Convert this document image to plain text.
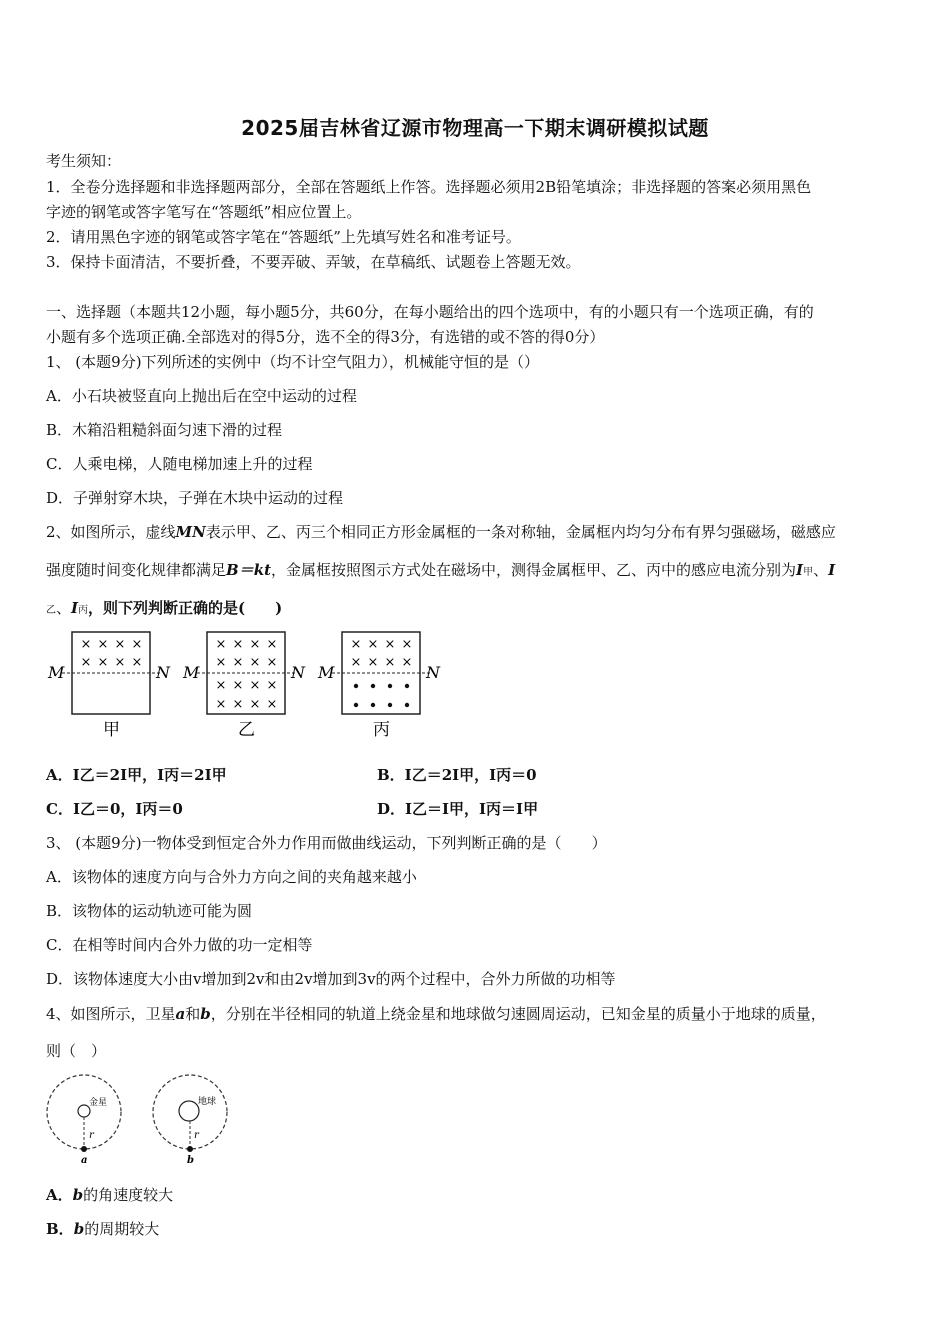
2025届吉林省辽源市物理高一下期末调研模拟试题
考生须知：
1．全卷分选择题和非选择题两部分，全部在答题纸上作答。选择题必须用2B铅笔填涂；非选择题的答案必须用黑色
字迹的钢笔或答字笔写在“答题纸”相应位置上。
2．请用黑色字迹的钢笔或答字笔在“答题纸”上先填写姓名和准考证号。
3．保持卡面清洁，不要折叠，不要弄破、弄皱，在草稿纸、试题卷上答题无效。
一、选择题（本题共12小题，每小题5分，共60分，在每小题给出的四个选项中，有的小题只有一个选项正确，有的
小题有多个选项正确.全部选对的得5分，选不全的得3分，有选错的或不答的得0分）
1、 (本题9分)下列所述的实例中（均不计空气阻力），机械能守恒的是（）
A．小石块被竖直向上抛出后在空中运动的过程
B．木箱沿粗糙斜面匀速下滑的过程
C．人乘电梯，人随电梯加速上升的过程
D．子弹射穿木块，子弹在木块中运动的过程
2、如图所示，虚线MN表示甲、乙、丙三个相同正方形金属框的一条对称轴，金属框内均匀分布有界匀强磁场，磁感应
强度随时间变化规律都满足B＝kt，金属框按照图示方式处在磁场中，测得金属框甲、乙、丙中的感应电流分别为I甲、I
乙、I丙，则下列判断正确的是(　　)
× × × ×
× × × ×
M	N
甲
× × × ×
× × × ×
× × × ×
× × × ×
M	N
乙
× × × ×
× × × ×
M	N
丙
A．I乙＝2I甲，I丙＝2I甲	B．I乙＝2I甲，I丙＝0
C．I乙＝0，I丙＝0	D．I乙＝I甲，I丙＝I甲
3、 (本题9分)一物体受到恒定合外力作用而做曲线运动，下列判断正确的是（　　）
A．该物体的速度方向与合外力方向之间的夹角越来越小
B．该物体的运动轨迹可能为圆
C．在相等时间内合外力做的功一定相等
D．该物体速度大小由v增加到2v和由2v增加到3v的两个过程中，合外力所做的功相等
4、如图所示，卫星a和b，分别在半径相同的轨道上绕金星和地球做匀速圆周运动，已知金星的质量小于地球的质量，
则（　）
金星
r
a
地球
r
b
A．b的角速度较大
B．b的周期较大
